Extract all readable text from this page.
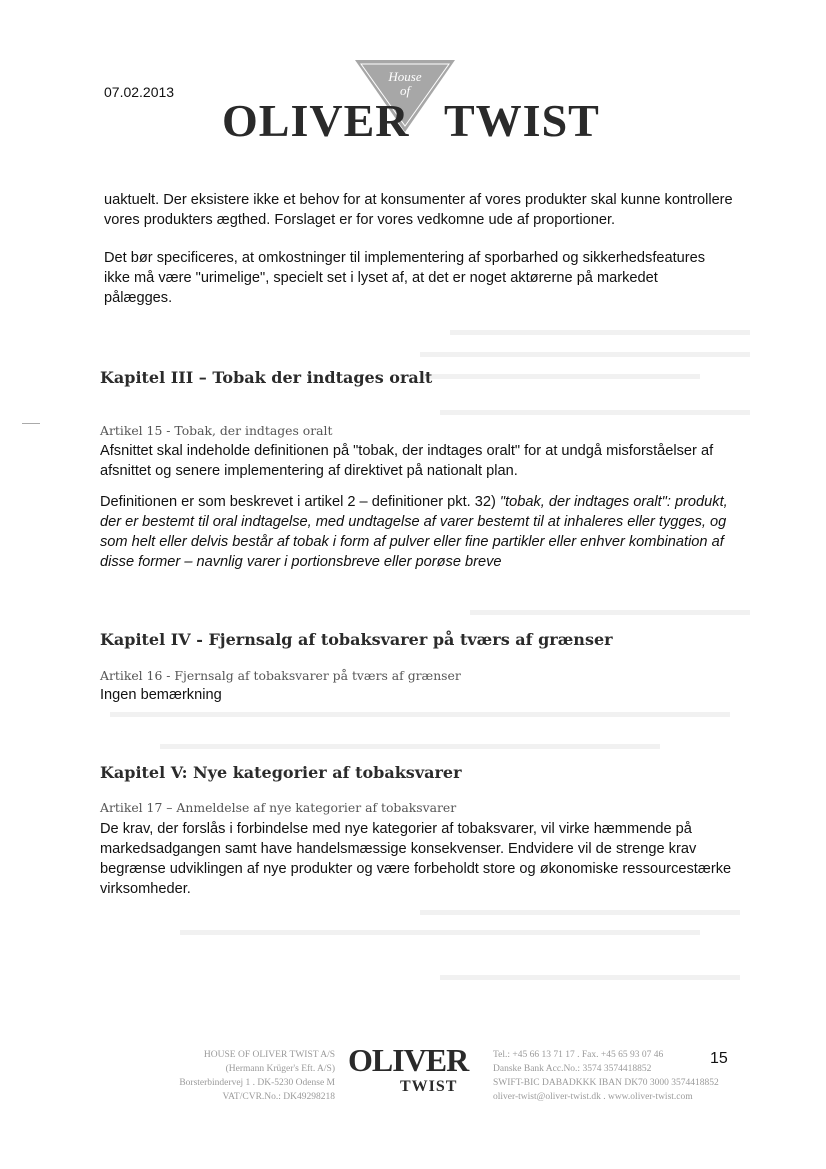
07.02.2013
House
of
OLIVER TWIST
uaktuelt. Der eksistere ikke et behov for at konsumenter af vores produkter skal kunne kontrollere vores produkters ægthed. Forslaget er for vores vedkomne ude af proportioner.
Det bør specificeres, at omkostninger til implementering af sporbarhed og sikkerhedsfeatures ikke må være "urimelige", specielt set i lyset af, at det er noget aktørerne på markedet pålægges.
Kapitel III – Tobak der indtages oralt
Artikel 15 - Tobak, der indtages oralt
Afsnittet skal indeholde definitionen på "tobak, der indtages oralt" for at undgå misforståelser af afsnittet og senere implementering af direktivet på nationalt plan.
Definitionen er som beskrevet i artikel 2 – definitioner pkt. 32) "tobak, der indtages oralt": produkt, der er bestemt til oral indtagelse, med undtagelse af varer bestemt til at inhaleres eller tygges, og som helt eller delvis består af tobak i form af pulver eller fine partikler eller enhver kombination af disse former – navnlig varer i portionsbreve eller porøse breve
Kapitel IV - Fjernsalg af tobaksvarer på tværs af grænser
Artikel 16 - Fjernsalg af tobaksvarer på tværs af grænser
Ingen bemærkning
Kapitel V: Nye kategorier af tobaksvarer
Artikel 17 – Anmeldelse af nye kategorier af tobaksvarer
De krav, der forslås i forbindelse med nye kategorier af tobaksvarer, vil virke hæmmende på markedsadgangen samt have handelsmæssige konsekvenser. Endvidere vil de strenge krav begrænse udviklingen af nye produkter og være forbeholdt store og økonomiske ressourcestærke virksomheder.
HOUSE OF OLIVER TWIST A/S
(Hermann Krüger's Eft. A/S)
Borsterbindervej 1 . DK-5230 Odense M
VAT/CVR.No.: DK49298218
OLIVER
TWIST
Tel.: +45 66 13 71 17 . Fax. +45 65 93 07 46
Danske Bank Acc.No.: 3574 3574418852
SWIFT-BIC DABADKKK IBAN DK70 3000 3574418852
oliver-twist@oliver-twist.dk . www.oliver-twist.com
15
